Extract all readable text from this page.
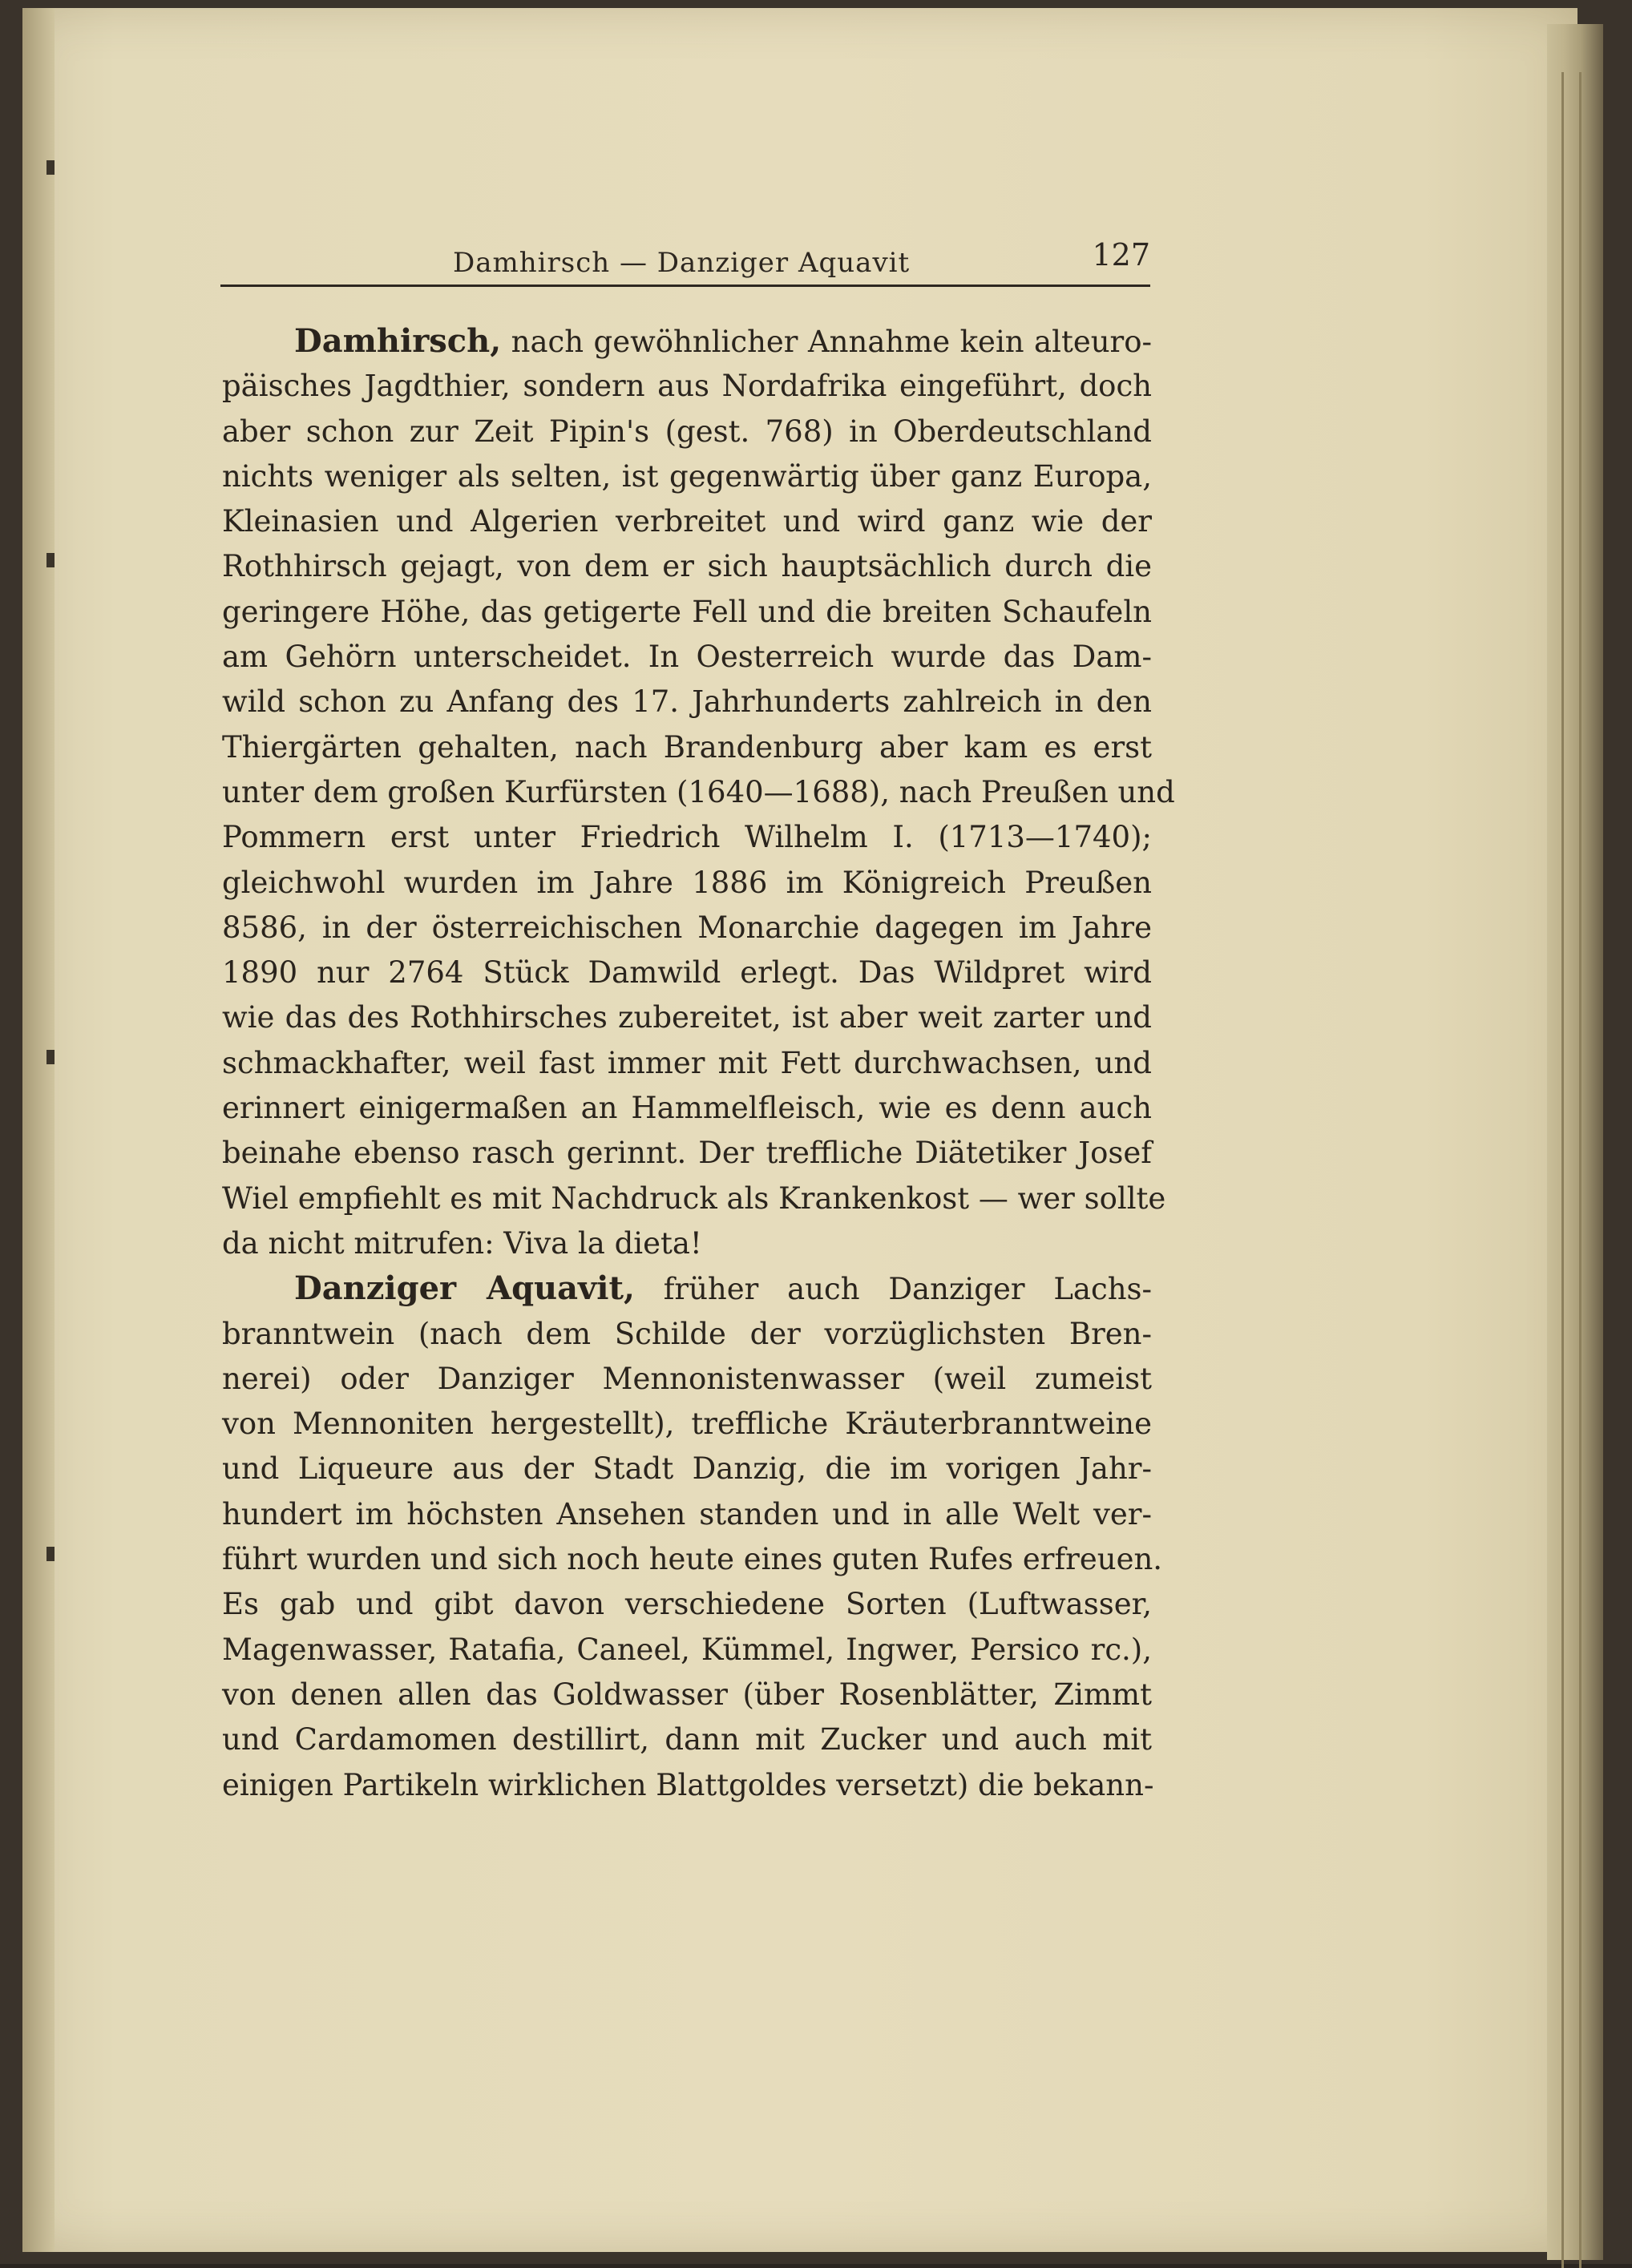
Damhirsch — Danziger Aquavit	127
Damhirsch, nach gewöhnlicher Annahme kein alteuro-
päisches Jagdthier, sondern aus Nordafrika eingeführt, doch
aber schon zur Zeit Pipin's (gest. 768) in Oberdeutschland
nichts weniger als selten, ist gegenwärtig über ganz Europa,
Kleinasien und Algerien verbreitet und wird ganz wie der
Rothhirsch gejagt, von dem er sich hauptsächlich durch die
geringere Höhe, das getigerte Fell und die breiten Schaufeln
am Gehörn unterscheidet. In Oesterreich wurde das Dam-
wild schon zu Anfang des 17. Jahrhunderts zahlreich in den
Thiergärten gehalten, nach Brandenburg aber kam es erst
unter dem großen Kurfürsten (1640—1688), nach Preußen und
Pommern erst unter Friedrich Wilhelm I. (1713—1740);
gleichwohl wurden im Jahre 1886 im Königreich Preußen
8586, in der österreichischen Monarchie dagegen im Jahre
1890 nur 2764 Stück Damwild erlegt. Das Wildpret wird
wie das des Rothhirsches zubereitet, ist aber weit zarter und
schmackhafter, weil fast immer mit Fett durchwachsen, und
erinnert einigermaßen an Hammelfleisch, wie es denn auch
beinahe ebenso rasch gerinnt. Der treffliche Diätetiker Josef
Wiel empfiehlt es mit Nachdruck als Krankenkost — wer sollte
da nicht mitrufen: Viva la dieta!
Danziger Aquavit, früher auch Danziger Lachs-
branntwein (nach dem Schilde der vorzüglichsten Bren-
nerei) oder Danziger Mennonistenwasser (weil zumeist
von Mennoniten hergestellt), treffliche Kräuterbranntweine
und Liqueure aus der Stadt Danzig, die im vorigen Jahr-
hundert im höchsten Ansehen standen und in alle Welt ver-
führt wurden und sich noch heute eines guten Rufes erfreuen.
Es gab und gibt davon verschiedene Sorten (Luftwasser,
Magenwasser, Ratafia, Caneel, Kümmel, Ingwer, Persico rc.),
von denen allen das Goldwasser (über Rosenblätter, Zimmt
und Cardamomen destillirt, dann mit Zucker und auch mit
einigen Partikeln wirklichen Blattgoldes versetzt) die bekann-
